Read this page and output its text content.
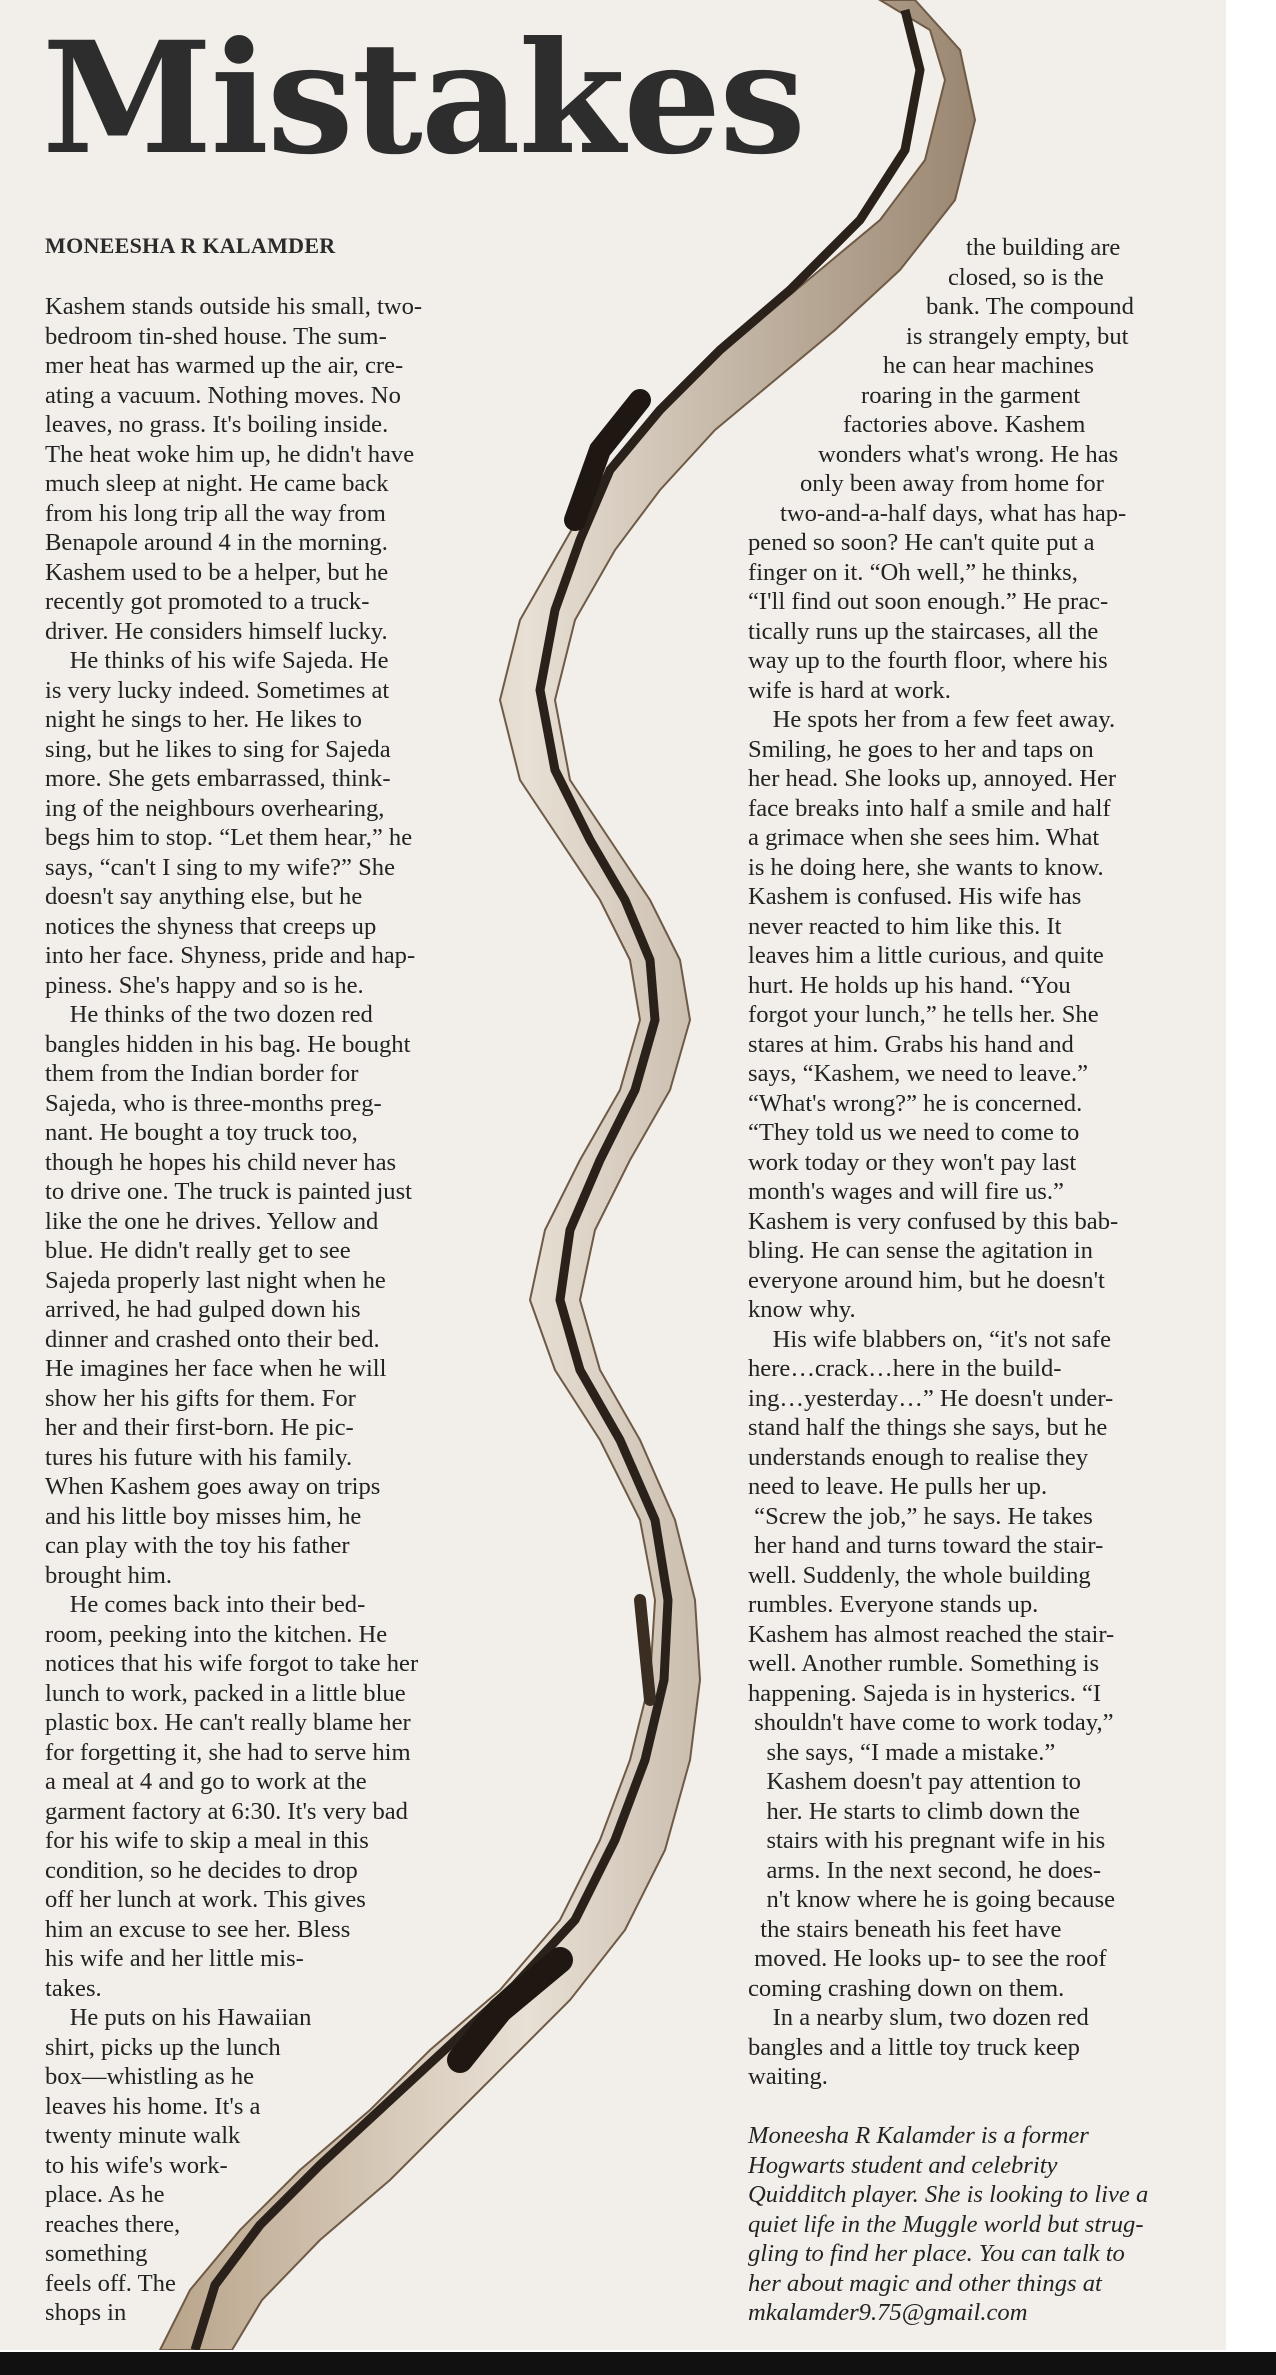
Mistakes
MONEESHA R KALAMDER
Kashem stands outside his small, two-
bedroom tin-shed house. The sum-
mer heat has warmed up the air, cre-
ating a vacuum. Nothing moves. No
leaves, no grass. It's boiling inside.
The heat woke him up, he didn't have
much sleep at night. He came back
from his long trip all the way from
Benapole around 4 in the morning.
Kashem used to be a helper, but he
recently got promoted to a truck-
driver. He considers himself lucky.
He thinks of his wife Sajeda. He
is very lucky indeed. Sometimes at
night he sings to her. He likes to
sing, but he likes to sing for Sajeda
more. She gets embarrassed, think-
ing of the neighbours overhearing,
begs him to stop. “Let them hear,” he
says, “can't I sing to my wife?” She
doesn't say anything else, but he
notices the shyness that creeps up
into her face. Shyness, pride and hap-
piness. She's happy and so is he.
He thinks of the two dozen red
bangles hidden in his bag. He bought
them from the Indian border for
Sajeda, who is three-months preg-
nant. He bought a toy truck too,
though he hopes his child never has
to drive one. The truck is painted just
like the one he drives. Yellow and
blue. He didn't really get to see
Sajeda properly last night when he
arrived, he had gulped down his
dinner and crashed onto their bed.
He imagines her face when he will
show her his gifts for them. For
her and their first-born. He pic-
tures his future with his family.
When Kashem goes away on trips
and his little boy misses him, he
can play with the toy his father
brought him.
He comes back into their bed-
room, peeking into the kitchen. He
notices that his wife forgot to take her
lunch to work, packed in a little blue
plastic box. He can't really blame her
for forgetting it, she had to serve him
a meal at 4 and go to work at the
garment factory at 6:30. It's very bad
for his wife to skip a meal in this
condition, so he decides to drop
off her lunch at work. This gives
him an excuse to see her. Bless
his wife and her little mis-
takes.
He puts on his Hawaiian
shirt, picks up the lunch
box—whistling as he
leaves his home. It's a
twenty minute walk
to his wife's work-
place. As he
reaches there,
something
feels off. The
shops in
the building are
closed, so is the
bank. The compound
is strangely empty, but
he can hear machines
roaring in the garment
factories above. Kashem
wonders what's wrong. He has
only been away from home for
two-and-a-half days, what has hap-
pened so soon? He can't quite put a
finger on it. “Oh well,” he thinks,
“I'll find out soon enough.” He prac-
tically runs up the staircases, all the
way up to the fourth floor, where his
wife is hard at work.
He spots her from a few feet away.
Smiling, he goes to her and taps on
her head. She looks up, annoyed. Her
face breaks into half a smile and half
a grimace when she sees him. What
is he doing here, she wants to know.
Kashem is confused. His wife has
never reacted to him like this. It
leaves him a little curious, and quite
hurt. He holds up his hand. “You
forgot your lunch,” he tells her. She
stares at him. Grabs his hand and
says, “Kashem, we need to leave.”
“What's wrong?” he is concerned.
“They told us we need to come to
work today or they won't pay last
month's wages and will fire us.”
Kashem is very confused by this bab-
bling. He can sense the agitation in
everyone around him, but he doesn't
know why.
His wife blabbers on, “it's not safe
here…crack…here in the build-
ing…yesterday…” He doesn't under-
stand half the things she says, but he
understands enough to realise they
need to leave. He pulls her up.
“Screw the job,” he says. He takes
her hand and turns toward the stair-
well. Suddenly, the whole building
rumbles. Everyone stands up.
Kashem has almost reached the stair-
well. Another rumble. Something is
happening. Sajeda is in hysterics. “I
shouldn't have come to work today,”
she says, “I made a mistake.”
Kashem doesn't pay attention to
her. He starts to climb down the
stairs with his pregnant wife in his
arms. In the next second, he does-
n't know where he is going because
the stairs beneath his feet have
moved. He looks up- to see the roof
coming crashing down on them.
In a nearby slum, two dozen red
bangles and a little toy truck keep
waiting.
Moneesha R Kalamder is a former
Hogwarts student and celebrity
Quidditch player. She is looking to live a
quiet life in the Muggle world but strug-
gling to find her place. You can talk to
her about magic and other things at
mkalamder9.75@gmail.com
